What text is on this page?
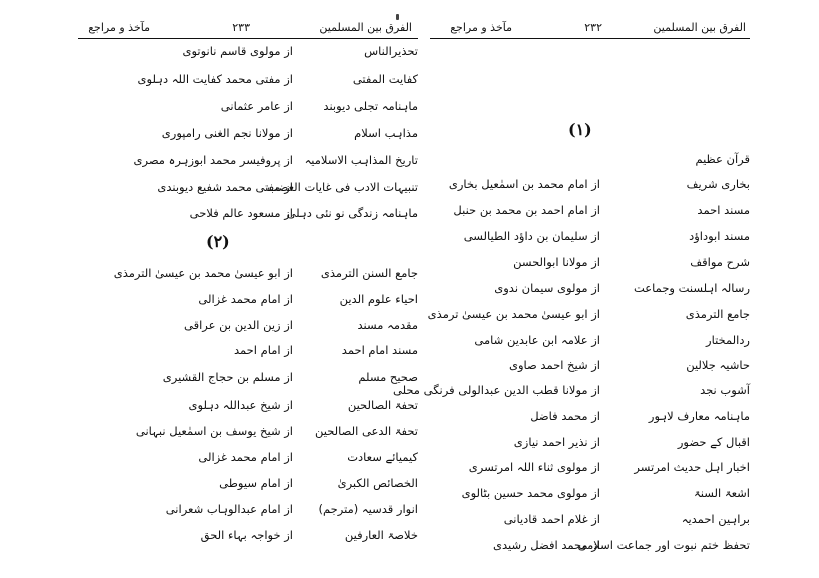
الفرق بین المسلمین
۲۳۳
مآخذ و مراجع
تحذیرالناس
از مولوی قاسم نانوتوی
کفایت المفتی
از مفتی محمد کفایت اللہ دہلوی
ماہنامہ تجلی دیوبند
از عامر عثمانی
مذاہب اسلام
از مولانا نجم الغنی رامپوری
تاریخ المذاہب الاسلامیہ
از پروفیسر محمد ابوزہرہ مصری
تنبیہات الادب فی غایات الغضب
از مفتی محمد شفیع دیوبندی
ماہنامہ زندگی نو نئی دہلی
از مسعود عالم فلاحی
(۲)
جامع السنن الترمذی
از ابو عیسیٰ محمد بن عیسیٰ الترمذی
احیاء علوم الدین
از امام محمد غزالی
مقدمہ مسند
از زین الدین بن عراقی
مسند امام احمد
از امام احمد
صحیح مسلم
از مسلم بن حجاج القشیری
تحفۃ الصالحین
از شیخ عبداللہ دہلوی
تحفۃ الدعی الصالحین
از شیخ یوسف بن اسمٰعیل نبہانی
کیمیائے سعادت
از امام محمد غزالی
الخصائص الکبریٰ
از امام سیوطی
انوار قدسیہ (مترجم)
از امام عبدالوہاب شعرانی
خلاصۃ العارفین
از خواجہ بہاء الحق
الفرق بین المسلمین
۲۳۲
مآخذ و مراجع
(۱)
قرآن عظیم
بخاری شریف
از امام محمد بن اسمٰعیل بخاری
مسند احمد
از امام احمد بن محمد بن حنبل
مسند ابوداؤد
از سلیمان بن داؤد الطیالسی
شرح مواقف
از مولانا ابوالحسن
رسالہ اہلسنت وجماعت
از مولوی سیمان ندوی
جامع الترمذی
از ابو عیسیٰ محمد بن عیسیٰ ترمذی
ردالمختار
از علامہ ابن عابدین شامی
حاشیہ جلالین
از شیخ احمد صاوی
آشوب نجد
از مولانا قطب الدین عبدالولی فرنگی محلی
ماہنامہ معارف لاہور
از محمد فاضل
اقبال کے حضور
از نذیر احمد نیازی
اخبار اہل حدیث امرتسر
از مولوی ثناء اللہ امرتسری
اشعۃ السنۃ
از مولوی محمد حسین بٹالوی
براہین احمدیہ
از غلام احمد قادیانی
تحفظ ختم نبوت اور جماعت اسلامی
از محمد افضل رشیدی
